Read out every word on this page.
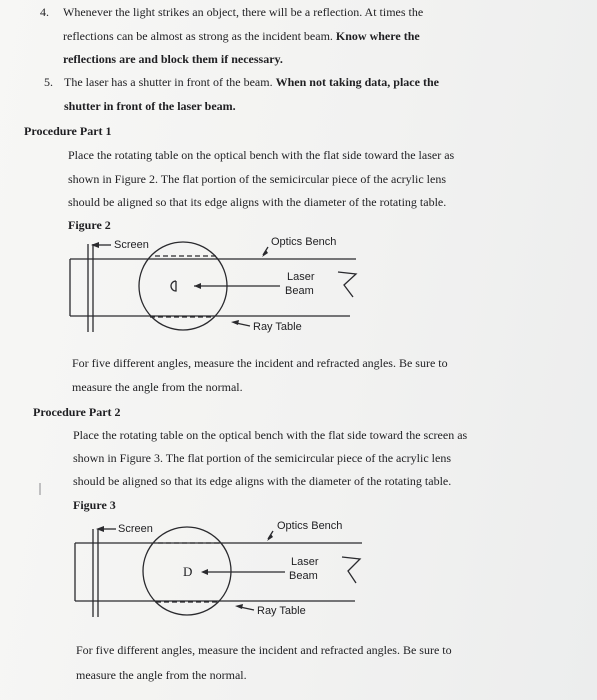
4. Whenever the light strikes an object, there will be a reflection. At times the
reflections can be almost as strong as the incident beam. Know where the
reflections are and block them if necessary.
5. The laser has a shutter in front of the beam. When not taking data, place the
shutter in front of the laser beam.
Procedure Part 1
Place the rotating table on the optical bench with the flat side toward the laser as
shown in Figure 2. The flat portion of the semicircular piece of the acrylic lens
should be aligned so that its edge aligns with the diameter of the rotating table.
Figure 2
Screen	Optics Bench
Laser
Beam
Ray Table
For five different angles, measure the incident and refracted angles. Be sure to
measure the angle from the normal.
Procedure Part 2
Place the rotating table on the optical bench with the flat side toward the screen as
shown in Figure 3. The flat portion of the semicircular piece of the acrylic lens
should be aligned so that its edge aligns with the diameter of the rotating table.
Figure 3
D
Screen	Optics Bench
Laser
Beam
Ray Table
For five different angles, measure the incident and refracted angles. Be sure to
measure the angle from the normal.
